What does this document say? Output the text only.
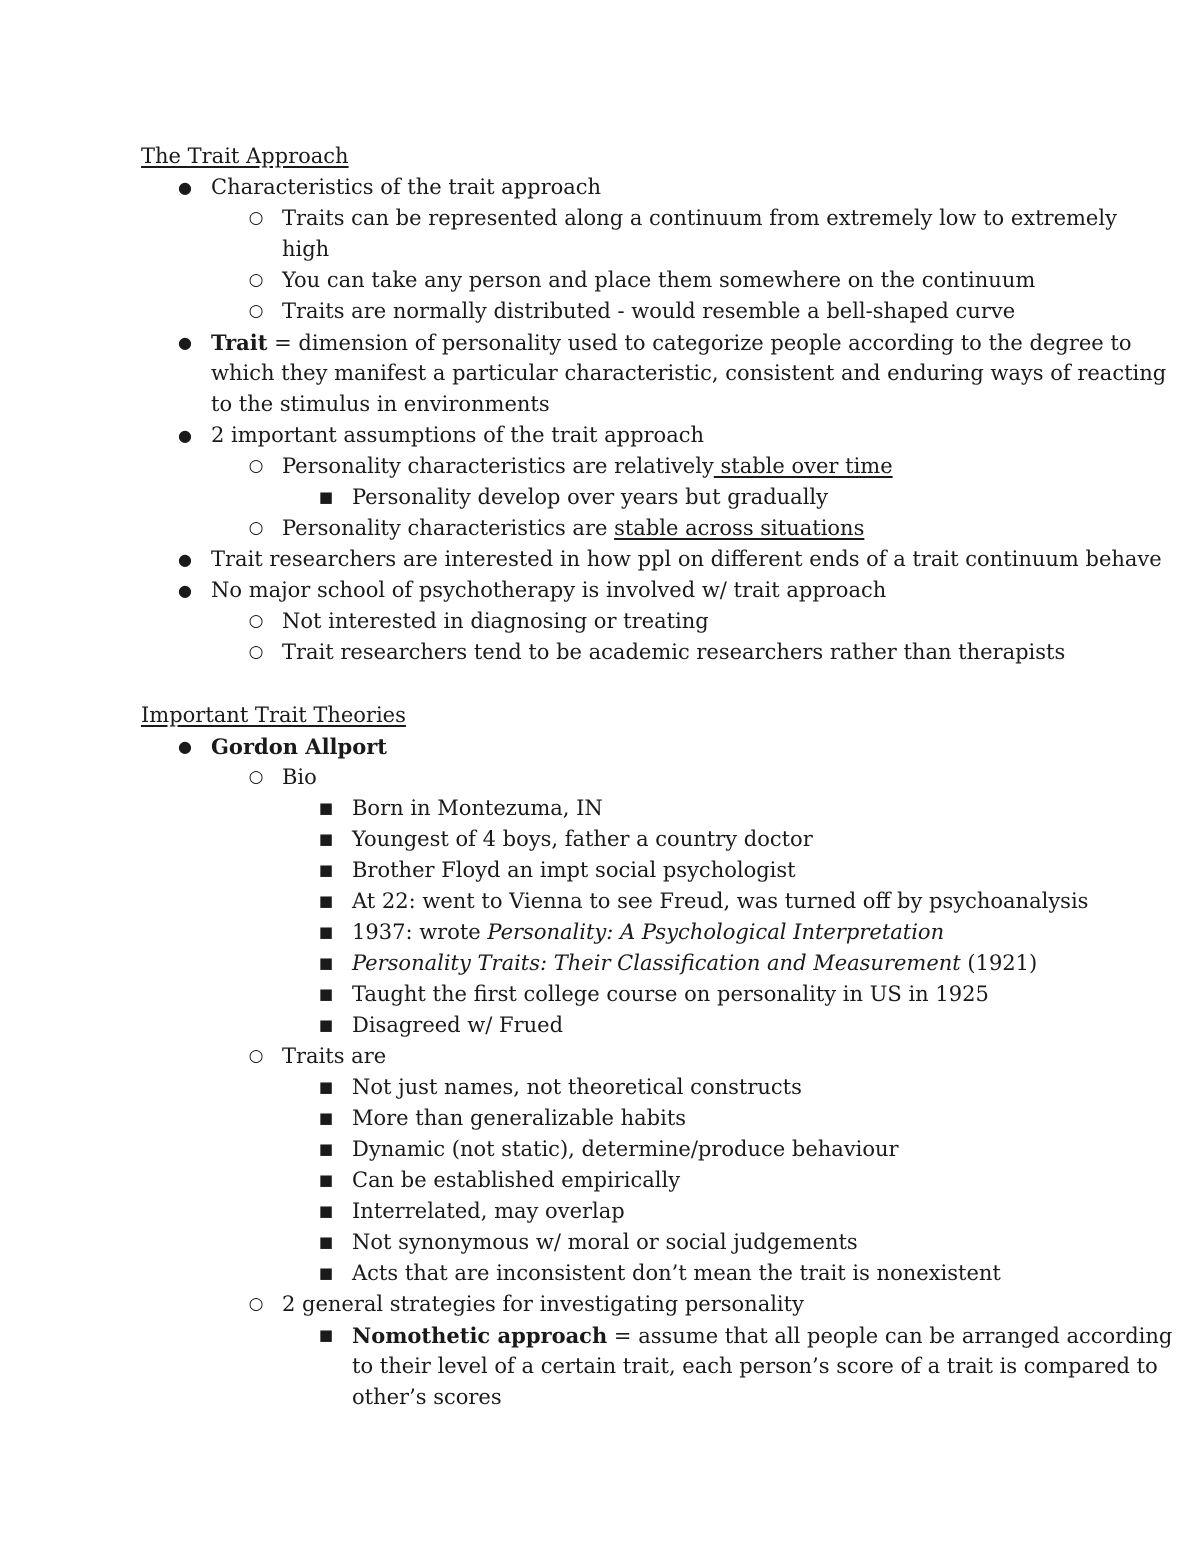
The Trait Approach
● Characteristics of the trait approach
○ Traits can be represented along a continuum from extremely low to extremely
high
○ You can take any person and place them somewhere on the continuum
○ Traits are normally distributed - would resemble a bell-shaped curve
● Trait = dimension of personality used to categorize people according to the degree to
which they manifest a particular characteristic, consistent and enduring ways of reacting
to the stimulus in environments
● 2 important assumptions of the trait approach
○ Personality characteristics are relatively stable over time
■ Personality develop over years but gradually
○ Personality characteristics are stable across situations
● Trait researchers are interested in how ppl on different ends of a trait continuum behave
● No major school of psychotherapy is involved w/ trait approach
○ Not interested in diagnosing or treating
○ Trait researchers tend to be academic researchers rather than therapists
Important Trait Theories
● Gordon Allport
○ Bio
■ Born in Montezuma, IN
■ Youngest of 4 boys, father a country doctor
■ Brother Floyd an impt social psychologist
■ At 22: went to Vienna to see Freud, was turned off by psychoanalysis
■ 1937: wrote Personality: A Psychological Interpretation
■ Personality Traits: Their Classification and Measurement (1921)
■ Taught the first college course on personality in US in 1925
■ Disagreed w/ Frued
○ Traits are
■ Not just names, not theoretical constructs
■ More than generalizable habits
■ Dynamic (not static), determine/produce behaviour
■ Can be established empirically
■ Interrelated, may overlap
■ Not synonymous w/ moral or social judgements
■ Acts that are inconsistent don’t mean the trait is nonexistent
○ 2 general strategies for investigating personality
■ Nomothetic approach = assume that all people can be arranged according
to their level of a certain trait, each person’s score of a trait is compared to
other’s scores
